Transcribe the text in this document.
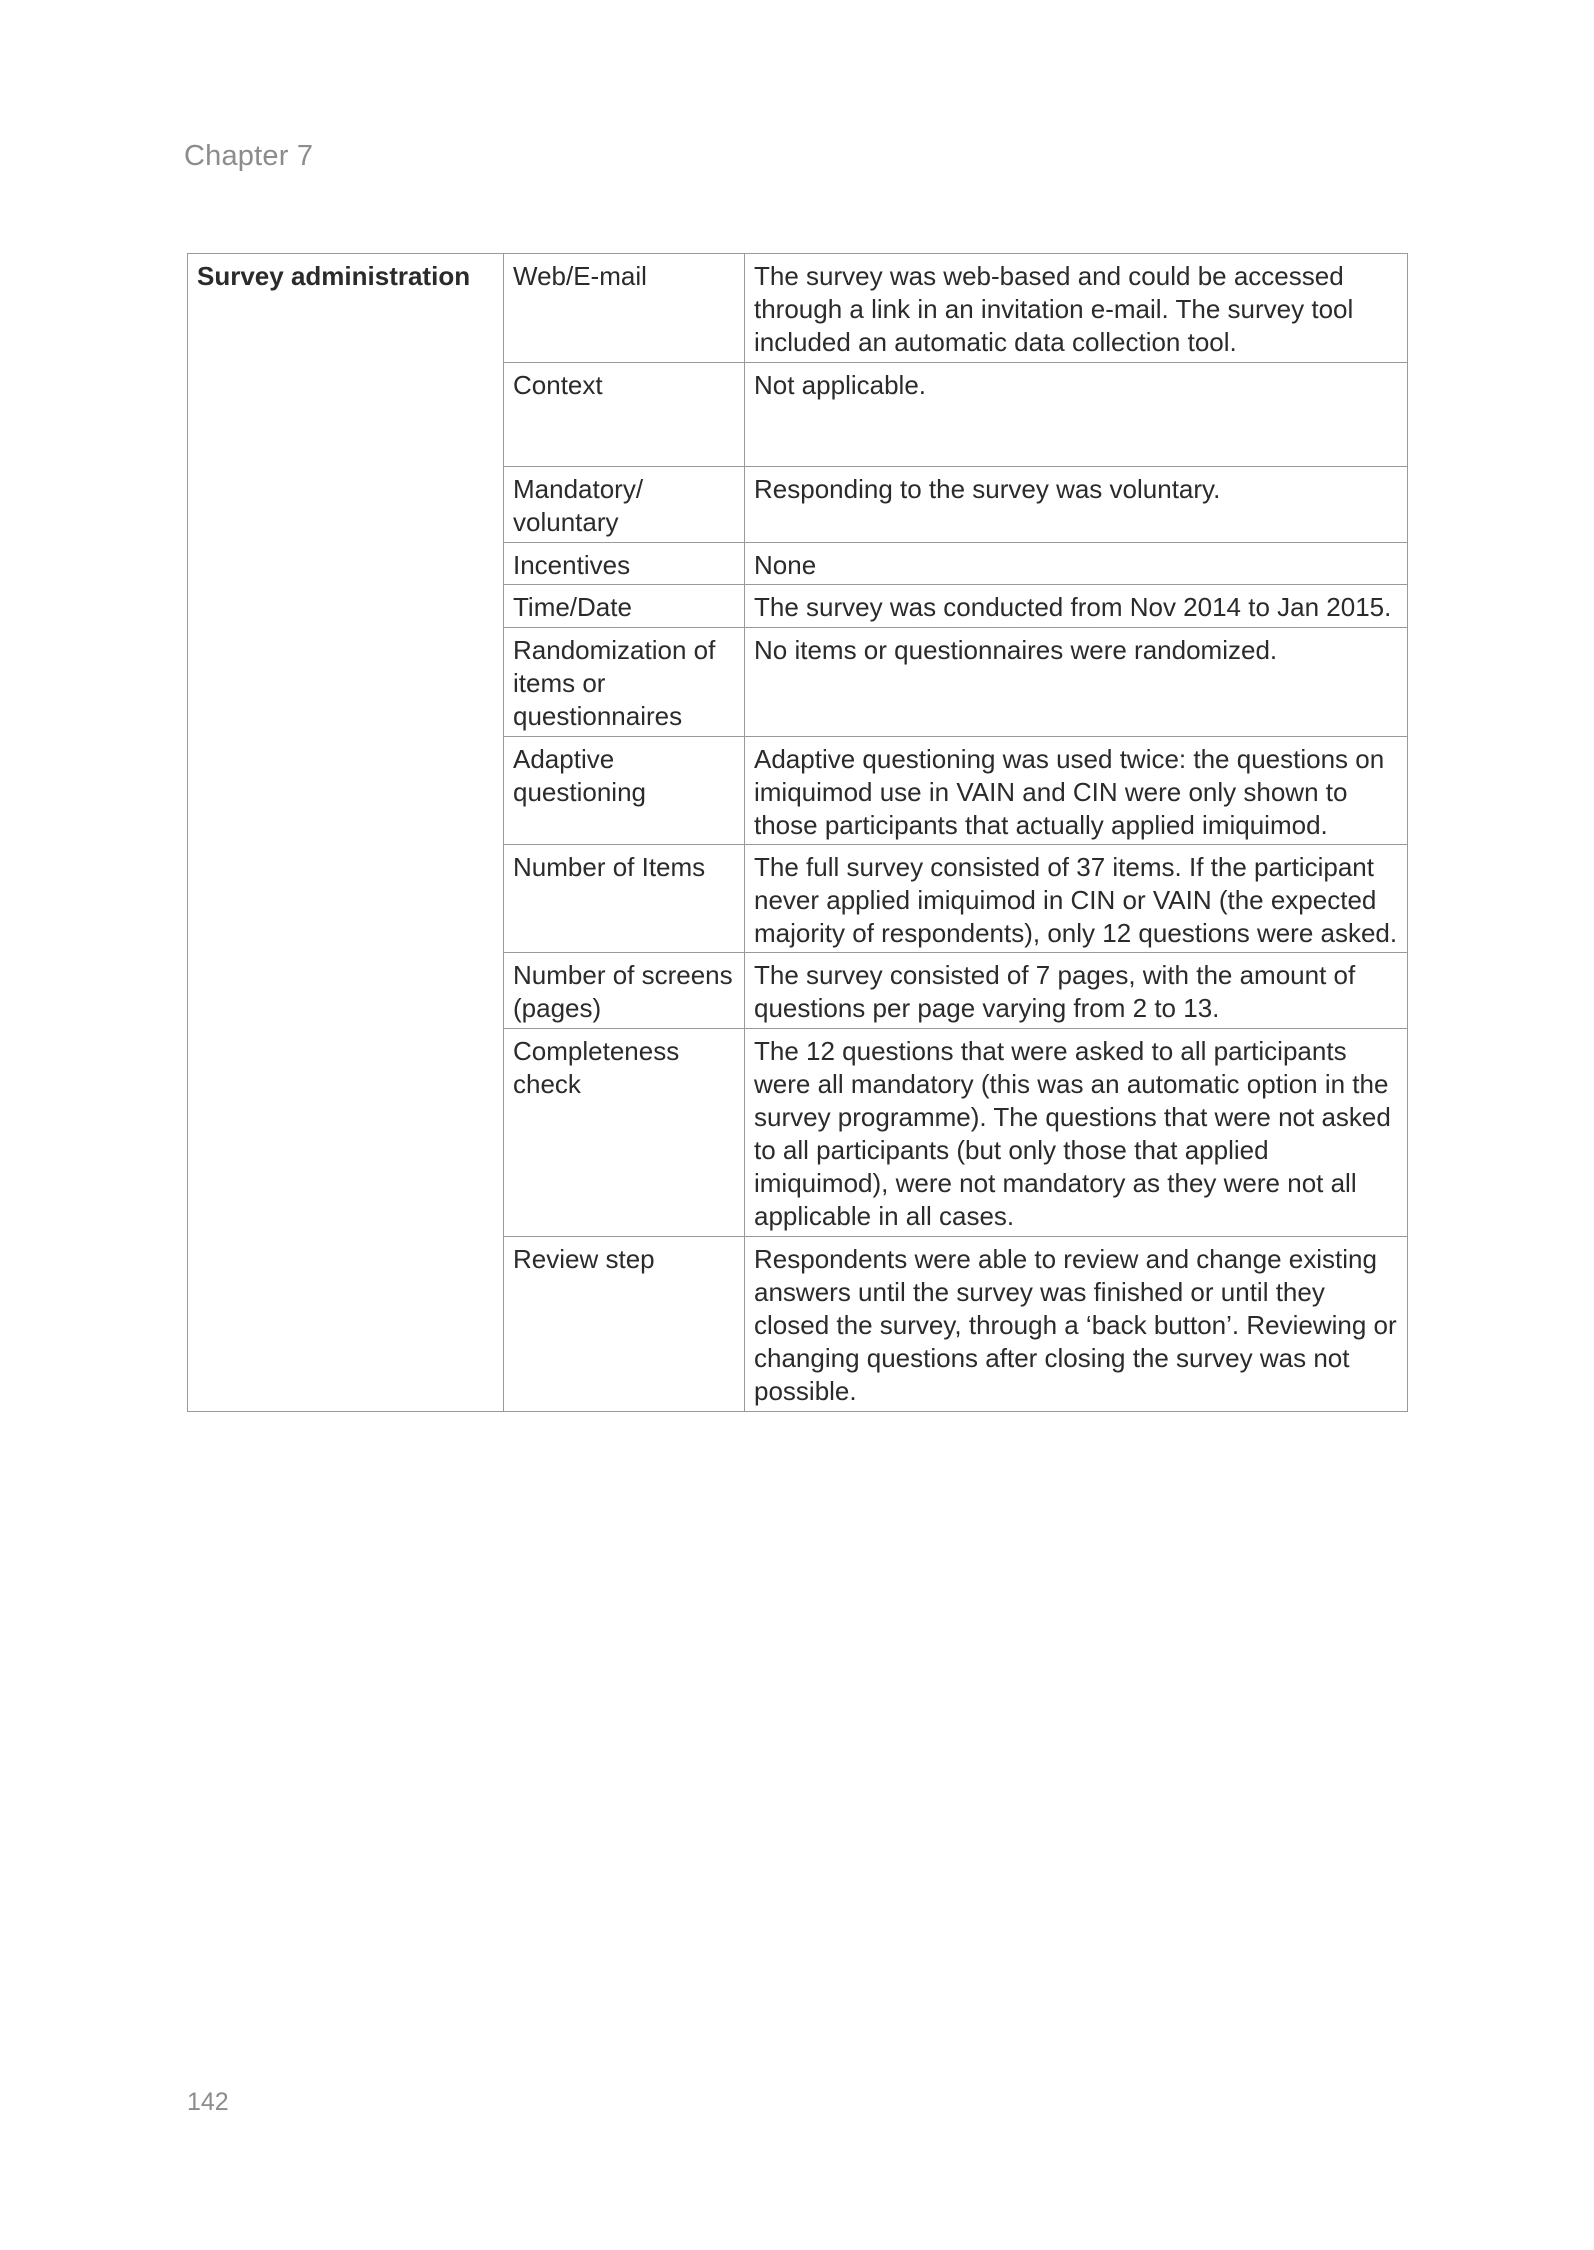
Chapter 7
Survey administration	Web/E-mail	The survey was web-based and could be accessed through a link in an invitation e-mail. The survey tool included an automatic data collection tool.
	Context	Not applicable.
	Mandatory/ voluntary	Responding to the survey was voluntary.
	Incentives	None
	Time/Date	The survey was conducted from Nov 2014 to Jan 2015.
	Randomization of items or questionnaires	No items or questionnaires were randomized.
	Adaptive questioning	Adaptive questioning was used twice: the questions on imiquimod use in VAIN and CIN were only shown to those participants that actually applied imiquimod.
	Number of Items	The full survey consisted of 37 items. If the participant never applied imiquimod in CIN or VAIN (the expected majority of respondents), only 12 questions were asked.
	Number of screens (pages)	The survey consisted of 7 pages, with the amount of questions per page varying from 2 to 13.
	Completeness check	The 12 questions that were asked to all participants were all mandatory (this was an automatic option in the survey programme). The questions that were not asked to all participants (but only those that applied imiquimod), were not mandatory as they were not all applicable in all cases.
	Review step	Respondents were able to review and change existing answers until the survey was finished or until they closed the survey, through a ‘back button’. Reviewing or changing questions after closing the survey was not possible.
142
